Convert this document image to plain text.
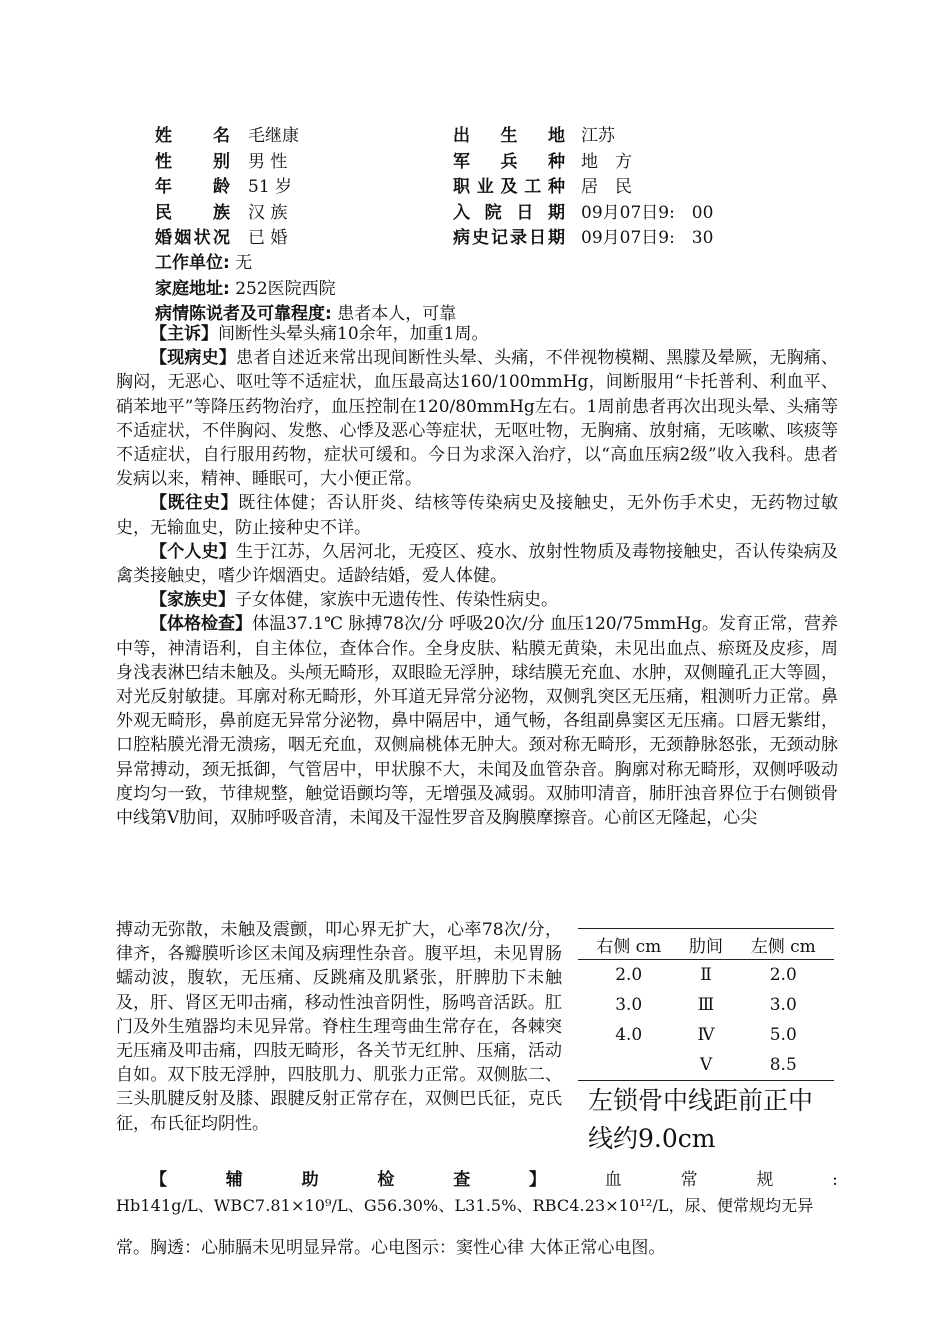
姓　名 毛继康
性　别 男 性
年　龄 51 岁
民　族 汉 族
婚姻状况 已 婚
出生地 江苏
军兵种 地　方
职业及工种 居　民
入院日期 09月07日9:　00
病史记录日期 09月07日9:　30
工作单位: 无
家庭地址: 252医院西院
病情陈说者及可靠程度: 患者本人，可靠
【主诉】间断性头晕头痛10余年，加重1周。
【现病史】患者自述近来常出现间断性头晕、头痛，不伴视物模糊、黑朦及晕厥，无胸痛、胸闷，无恶心、呕吐等不适症状，血压最高达160/100mmHg，间断服用“卡托普利、利血平、硝苯地平”等降压药物治疗，血压控制在120/80mmHg左右。1周前患者再次出现头晕、头痛等不适症状，不伴胸闷、发憋、心悸及恶心等症状，无呕吐物，无胸痛、放射痛，无咳嗽、咳痰等不适症状，自行服用药物，症状可缓和。今日为求深入治疗，以“高血压病2级”收入我科。患者发病以来，精神、睡眠可，大小便正常。
【既往史】既往体健；否认肝炎、结核等传染病史及接触史，无外伤手术史，无药物过敏史，无输血史，防止接种史不详。
【个人史】生于江苏，久居河北，无疫区、疫水、放射性物质及毒物接触史，否认传染病及禽类接触史，嗜少许烟酒史。适龄结婚，爱人体健。
【家族史】子女体健，家族中无遗传性、传染性病史。
【体格检查】体温37.1℃ 脉搏78次/分 呼吸20次/分 血压120/75mmHg。发育正常，营养中等，神清语利，自主体位，查体合作。全身皮肤、粘膜无黄染，未见出血点、瘀斑及皮疹，周身浅表淋巴结未触及。头颅无畸形，双眼睑无浮肿，球结膜无充血、水肿，双侧瞳孔正大等圆，对光反射敏捷。耳廓对称无畸形，外耳道无异常分泌物，双侧乳突区无压痛，粗测听力正常。鼻外观无畸形，鼻前庭无异常分泌物，鼻中隔居中，通气畅，各组副鼻窦区无压痛。口唇无紫绀，口腔粘膜光滑无溃疡，咽无充血，双侧扁桃体无肿大。颈对称无畸形，无颈静脉怒张，无颈动脉异常搏动，颈无抵御，气管居中，甲状腺不大，未闻及血管杂音。胸廓对称无畸形，双侧呼吸动度均匀一致，节律规整，触觉语颤均等，无增强及减弱。双肺叩清音，肺肝浊音界位于右侧锁骨中线第Ⅴ肋间，双肺呼吸音清，未闻及干湿性罗音及胸膜摩擦音。心前区无隆起，心尖
搏动无弥散，未触及震颤，叩心界无扩大，心率78次/分，律齐，各瓣膜听诊区未闻及病理性杂音。腹平坦，未见胃肠蠕动波，腹软，无压痛、反跳痛及肌紧张，肝脾肋下未触及，肝、肾区无叩击痛，移动性浊音阴性，肠鸣音活跃。肛门及外生殖器均未见异常。脊柱生理弯曲生常存在，各棘突无压痛及叩击痛，四肢无畸形，各关节无红肿、压痛，活动自如。双下肢无浮肿，四肢肌力、肌张力正常。双侧肱二、三头肌腱反射及膝、跟腱反射正常存在，双侧巴氏征，克氏征，布氏征均阴性。
右侧 cm	肋间	左侧 cm
2.0	Ⅱ	2.0
3.0	Ⅲ	3.0
4.0	Ⅳ	5.0
	Ⅴ	8.5
左锁骨中线距前正中
线约9.0cm
【	辅	助	检	查	】	血	常	规	:
Hb141g/L、WBC7.81×10⁹/L、G56.30%、L31.5%、RBC4.23×10¹²/L，尿、便常规均无异
常。胸透：心肺膈未见明显异常。心电图示：窦性心律 大体正常心电图。
